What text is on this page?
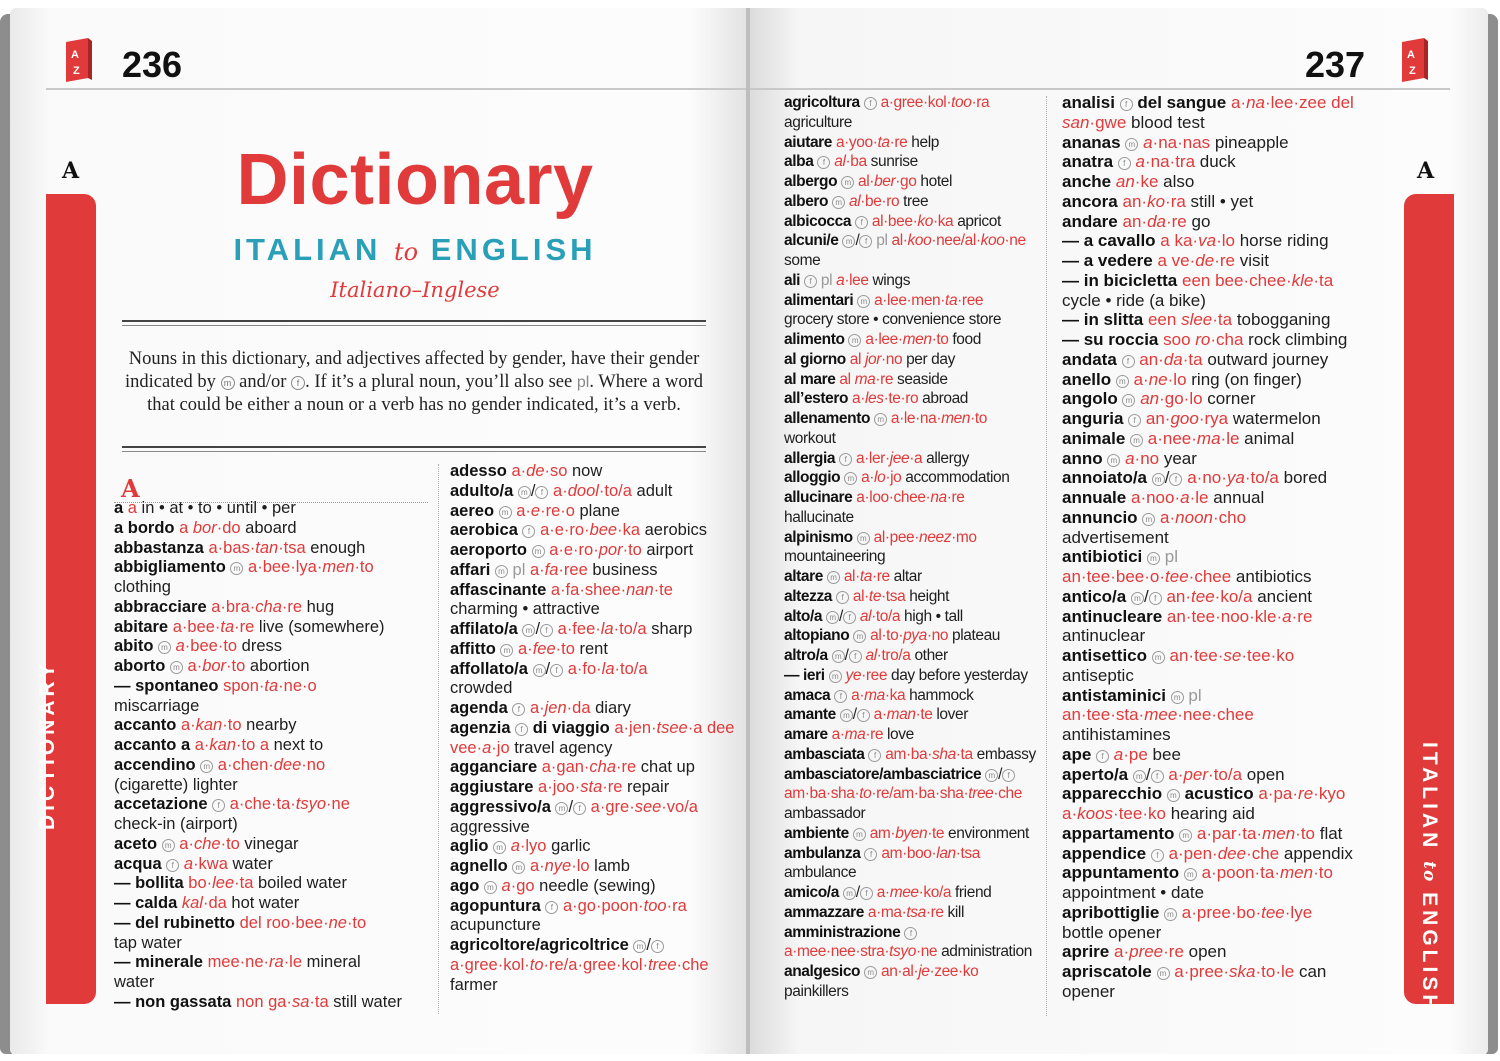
A
Z 236
A
DICTIONARY
Dictionary
ITALIAN to ENGLISH
Italiano–Inglese
Nouns in this dictionary, and adjectives affected by gender, have their gender indicated by m and/or f . If it’s a plural noun, you’ll also see pl. Where a word that could be either a noun or a verb has no gender indicated, it’s a verb.
A
237	A
Z
A
ITALIAN to ENGLISH
a a in • at • to • until • per
a bordo a bor·do aboard
abbastanza a·bas·tan·tsa enough
abbigliamento m a·bee·lya·men·to
clothing
abbracciare a·bra·cha·re hug
abitare a·bee·ta·re live (somewhere)
abito m a·bee·to dress
aborto m a·bor·to abortion
— spontaneo spon·ta·ne·o
miscarriage
accanto a·kan·to nearby
accanto a a·kan·to a next to
accendino m a·chen·dee·no
(cigarette) lighter
accetazione f a·che·ta·tsyo·ne
check-in (airport)
aceto m a·che·to vinegar
acqua f a·kwa water
— bollita bo·lee·ta boiled water
— calda kal·da hot water
— del rubinetto del roo·bee·ne·to
tap water
— minerale mee·ne·ra·le mineral
water
— non gassata non ga·sa·ta still water
adesso a·de·so now
adulto/a m / f a·dool·to/a adult
aereo m a·e·re·o plane
aerobica f a·e·ro·bee·ka aerobics
aeroporto m a·e·ro·por·to airport
affari m pl a·fa·ree business
affascinante a·fa·shee·nan·te
charming • attractive
affilato/a m / f a·fee·la·to/a sharp
affitto m a·fee·to rent
affollato/a m / f a·fo·la·to/a
crowded
agenda f a·jen·da diary
agenzia f di viaggio a·jen·tsee·a dee
vee·a·jo travel agency
agganciare a·gan·cha·re chat up
aggiustare a·joo·sta·re repair
aggressivo/a m / f a·gre·see·vo/a
aggressive
aglio m a·lyo garlic
agnello m a·nye·lo lamb
ago m a·go needle (sewing)
agopuntura f a·go·poon·too·ra
acupuncture
agricoltore/agricoltrice m / f
a·gree·kol·to·re/a·gree·kol·tree·che
farmer
agricoltura f a·gree·kol·too·ra
agriculture
aiutare a·yoo·ta·re help
alba f al·ba sunrise
albergo m al·ber·go hotel
albero m al·be·ro tree
albicocca f al·bee·ko·ka apricot
alcuni/e m / f pl al·koo·nee/al·koo·ne
some
ali f pl a·lee wings
alimentari m a·lee·men·ta·ree
grocery store • convenience store
alimento m a·lee·men·to food
al giorno al jor·no per day
al mare al ma·re seaside
all’estero a·les·te·ro abroad
allenamento m a·le·na·men·to
workout
allergia f a·ler·jee·a allergy
alloggio m a·lo·jo accommodation
allucinare a·loo·chee·na·re
hallucinate
alpinismo m al·pee·neez·mo
mountaineering
altare m al·ta·re altar
altezza f al·te·tsa height
alto/a m / f al·to/a high • tall
altopiano m al·to·pya·no plateau
altro/a m / f al·tro/a other
— ieri m ye·ree day before yesterday
amaca f a·ma·ka hammock
amante m / f a·man·te lover
amare a·ma·re love
ambasciata f am·ba·sha·ta embassy
ambasciatore/ambasciatrice m / f
am·ba·sha·to·re/am·ba·sha·tree·che
ambassador
ambiente m am·byen·te environment
ambulanza f am·boo·lan·tsa
ambulance
amico/a m / f a·mee·ko/a friend
ammazzare a·ma·tsa·re kill
amministrazione f
a·mee·nee·stra·tsyo·ne administration
analgesico m an·al·je·zee·ko
painkillers
analisi f del sangue a·na·lee·zee del
san·gwe blood test
ananas m a·na·nas pineapple
anatra f a·na·tra duck
anche an·ke also
ancora an·ko·ra still • yet
andare an·da·re go
— a cavallo a ka·va·lo horse riding
— a vedere a ve·de·re visit
— in bicicletta een bee·chee·kle·ta
cycle • ride (a bike)
— in slitta een slee·ta tobogganing
— su roccia soo ro·cha rock climbing
andata f an·da·ta outward journey
anello m a·ne·lo ring (on finger)
angolo m an·go·lo corner
anguria f an·goo·rya watermelon
animale m a·nee·ma·le animal
anno m a·no year
annoiato/a m / f a·no·ya·to/a bored
annuale a·noo·a·le annual
annuncio m a·noon·cho
advertisement
antibiotici m pl
an·tee·bee·o·tee·chee antibiotics
antico/a m / f an·tee·ko/a ancient
antinucleare an·tee·noo·kle·a·re
antinuclear
antisettico m an·tee·se·tee·ko
antiseptic
antistaminici m pl
an·tee·sta·mee·nee·chee
antihistamines
ape f a·pe bee
aperto/a m / f a·per·to/a open
apparecchio m acustico a·pa·re·kyo
a·koos·tee·ko hearing aid
appartamento m a·par·ta·men·to flat
appendice f a·pen·dee·che appendix
appuntamento m a·poon·ta·men·to
appointment • date
apribottiglie m a·pree·bo·tee·lye
bottle opener
aprire a·pree·re open
apriscatole m a·pree·ska·to·le can
opener
